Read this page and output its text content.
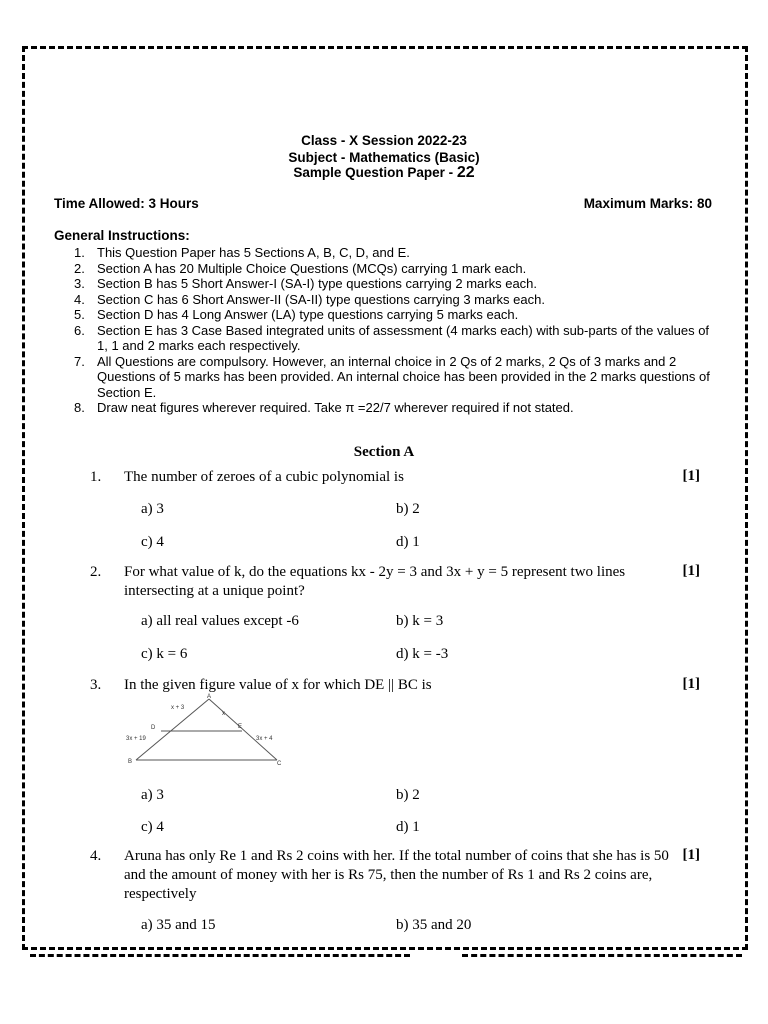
Class - X Session 2022-23
Subject - Mathematics (Basic)
Sample Question Paper - 22
Time Allowed: 3 Hours	Maximum Marks: 80
General Instructions:
1. This Question Paper has 5 Sections A, B, C, D, and E.
2. Section A has 20 Multiple Choice Questions (MCQs) carrying 1 mark each.
3. Section B has 5 Short Answer-I (SA-I) type questions carrying 2 marks each.
4. Section C has 6 Short Answer-II (SA-II) type questions carrying 3 marks each.
5. Section D has 4 Long Answer (LA) type questions carrying 5 marks each.
6. Section E has 3 Case Based integrated units of assessment (4 marks each) with sub-parts of the values of 1, 1 and 2 marks each respectively.
7. All Questions are compulsory. However, an internal choice in 2 Qs of 2 marks, 2 Qs of 3 marks and 2 Questions of 5 marks has been provided. An internal choice has been provided in the 2 marks questions of Section E.
8. Draw neat figures wherever required. Take π =22/7 wherever required if not stated.
Section A
1. The number of zeroes of a cubic polynomial is	[1]
a) 3	b) 2
c) 4	d) 1
2. For what value of k, do the equations kx - 2y = 3 and 3x + y = 5 represent two lines intersecting at a unique point?
[1]
a) all real values except -6	b) k = 3
c) k = 6	d) k = -3
3. In the given figure value of x for which DE || BC is	[1]
A
B	C
D	E
x + 3
x
3x + 19	3x + 4
a) 3	b) 2
c) 4	d) 1
4. Aruna has only Re 1 and Rs 2 coins with her. If the total number of coins that she has is 50 and the amount of money with her is Rs 75, then the number of Rs 1 and Rs 2 coins are, respectively
[1]
a) 35 and 15	b) 35 and 20
